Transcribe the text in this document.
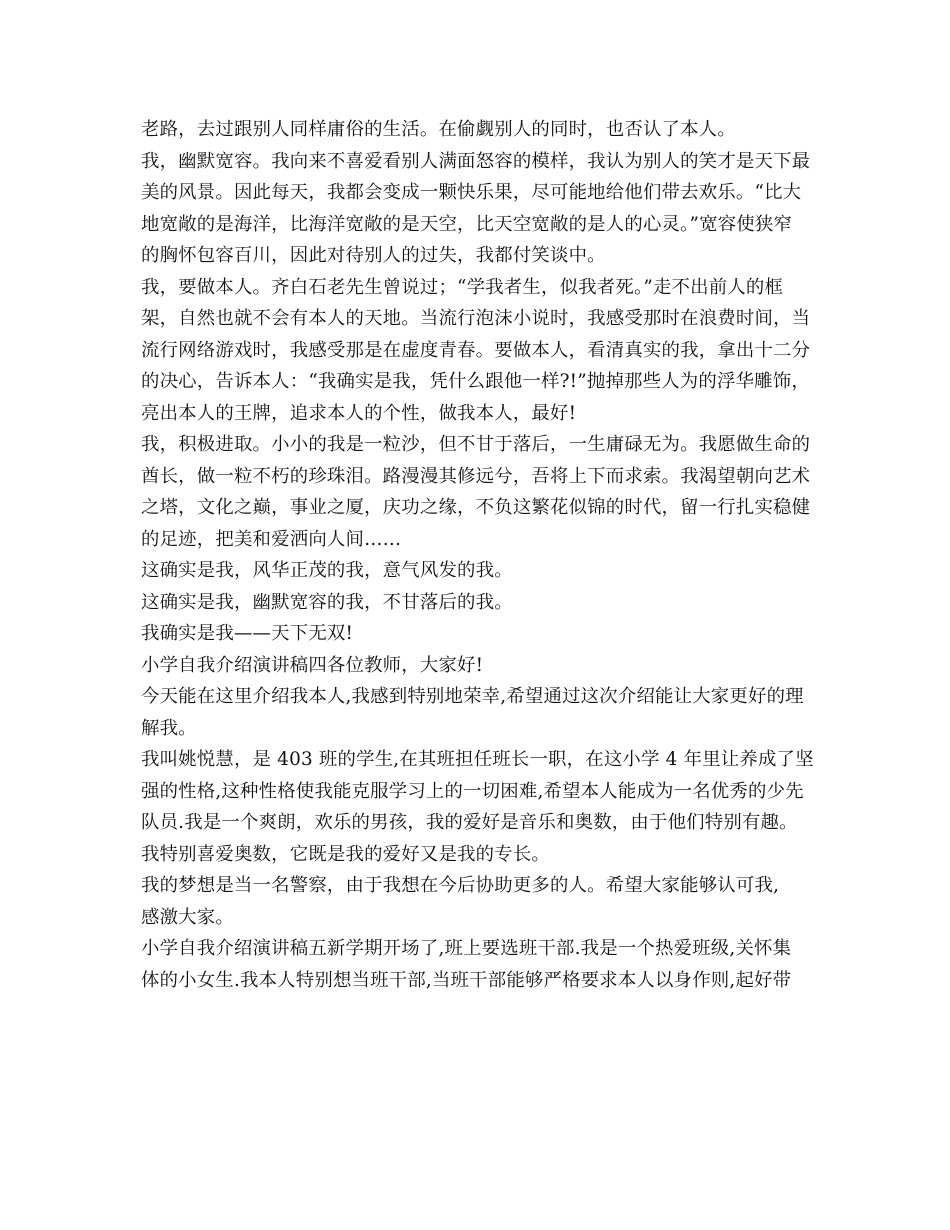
老路，去过跟别人同样庸俗的生活。在偷觑别人的同时，也否认了本人。
我，幽默宽容。我向来不喜爱看别人满面怒容的模样，我认为别人的笑才是天下最
美的风景。因此每天，我都会变成一颗快乐果，尽可能地给他们带去欢乐。“比大
地宽敞的是海洋，比海洋宽敞的是天空，比天空宽敞的是人的心灵。”宽容使狭窄
的胸怀包容百川，因此对待别人的过失，我都付笑谈中。
我，要做本人。齐白石老先生曾说过；“学我者生，似我者死。”走不出前人的框
架，自然也就不会有本人的天地。当流行泡沫小说时，我感受那时在浪费时间，当
流行网络游戏时，我感受那是在虚度青春。要做本人，看清真实的我，拿出十二分
的决心，告诉本人：“我确实是我，凭什么跟他一样?!”抛掉那些人为的浮华雕饰，
亮出本人的王牌，追求本人的个性，做我本人，最好!
我，积极进取。小小的我是一粒沙，但不甘于落后，一生庸碌无为。我愿做生命的
酋长，做一粒不朽的珍珠泪。路漫漫其修远兮，吾将上下而求索。我渴望朝向艺术
之塔，文化之巅，事业之厦，庆功之缘，不负这繁花似锦的时代，留一行扎实稳健
的足迹，把美和爱洒向人间……
这确实是我，风华正茂的我，意气风发的我。
这确实是我，幽默宽容的我，不甘落后的我。
我确实是我——天下无双!
小学自我介绍演讲稿四各位教师，大家好!
今天能在这里介绍我本人,我感到特别地荣幸,希望通过这次介绍能让大家更好的理
解我。
我叫姚悦慧，是 403 班的学生,在其班担任班长一职，在这小学 4 年里让养成了坚
强的性格,这种性格使我能克服学习上的一切困难,希望本人能成为一名优秀的少先
队员.我是一个爽朗，欢乐的男孩，我的爱好是音乐和奥数，由于他们特别有趣。
我特别喜爱奥数，它既是我的爱好又是我的专长。
我的梦想是当一名警察，由于我想在今后协助更多的人。希望大家能够认可我,
感激大家。
小学自我介绍演讲稿五新学期开场了,班上要选班干部.我是一个热爱班级,关怀集
体的小女生.我本人特别想当班干部,当班干部能够严格要求本人以身作则,起好带
